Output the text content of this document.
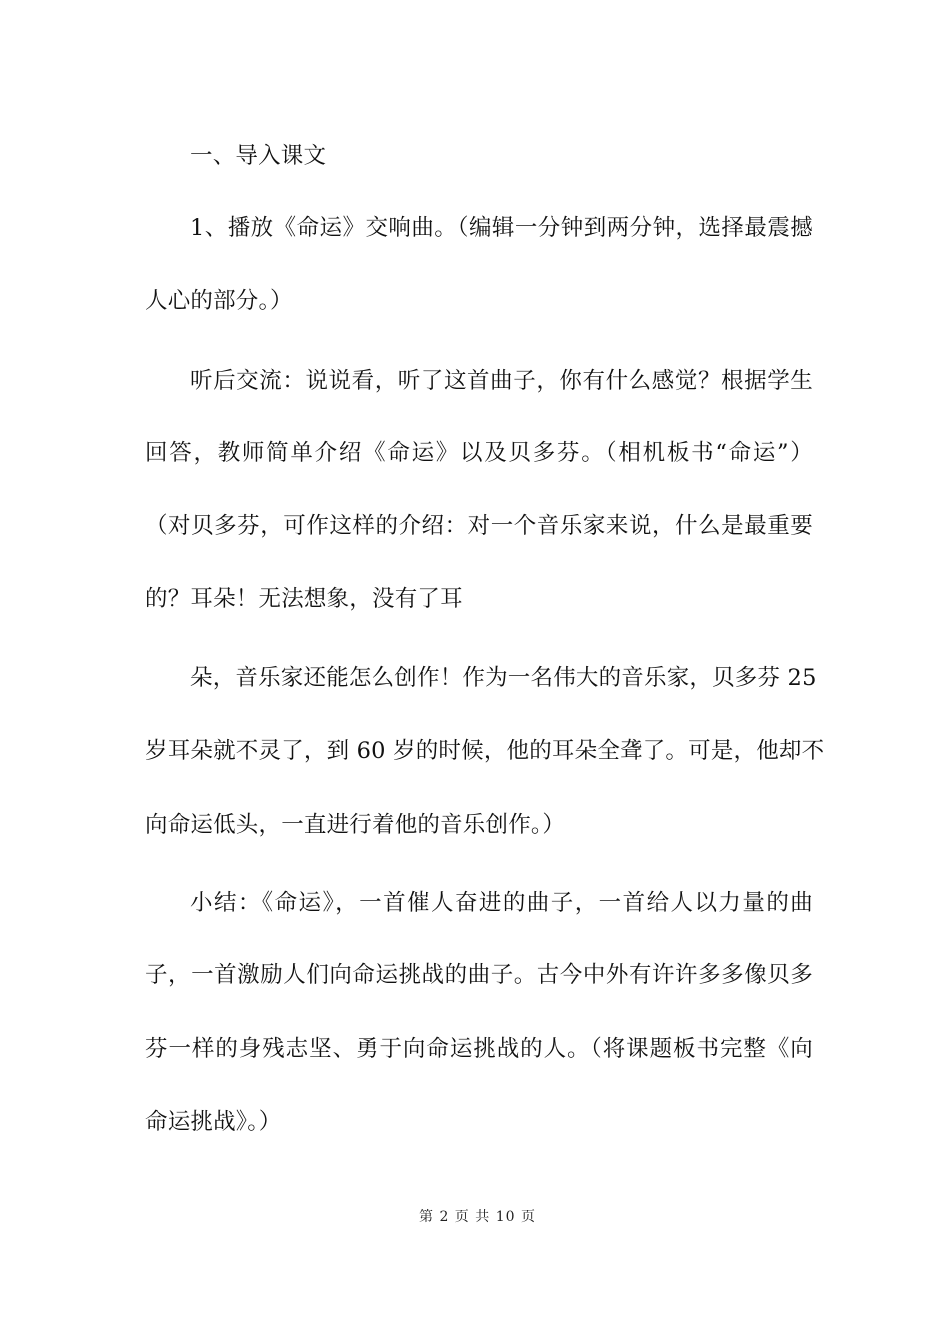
一、导入课文
1、播放《命运》交响曲。（编辑一分钟到两分钟，选择最震撼
人心的部分。）
听后交流：说说看，听了这首曲子，你有什么感觉？根据学生
回答，教师简单介绍《命运》以及贝多芬。（相机板书“命运”）
（对贝多芬，可作这样的介绍：对一个音乐家来说，什么是最重要
的？耳朵！无法想象，没有了耳
朵，音乐家还能怎么创作！作为一名伟大的音乐家，贝多芬 25
岁耳朵就不灵了，到 60 岁的时候，他的耳朵全聋了。可是，他却不
向命运低头，一直进行着他的音乐创作。）
小结：《命运》，一首催人奋进的曲子，一首给人以力量的曲
子，一首激励人们向命运挑战的曲子。古今中外有许许多多像贝多
芬一样的身残志坚、勇于向命运挑战的人。（将课题板书完整《向
命运挑战》。）
第 2 页 共 10 页
